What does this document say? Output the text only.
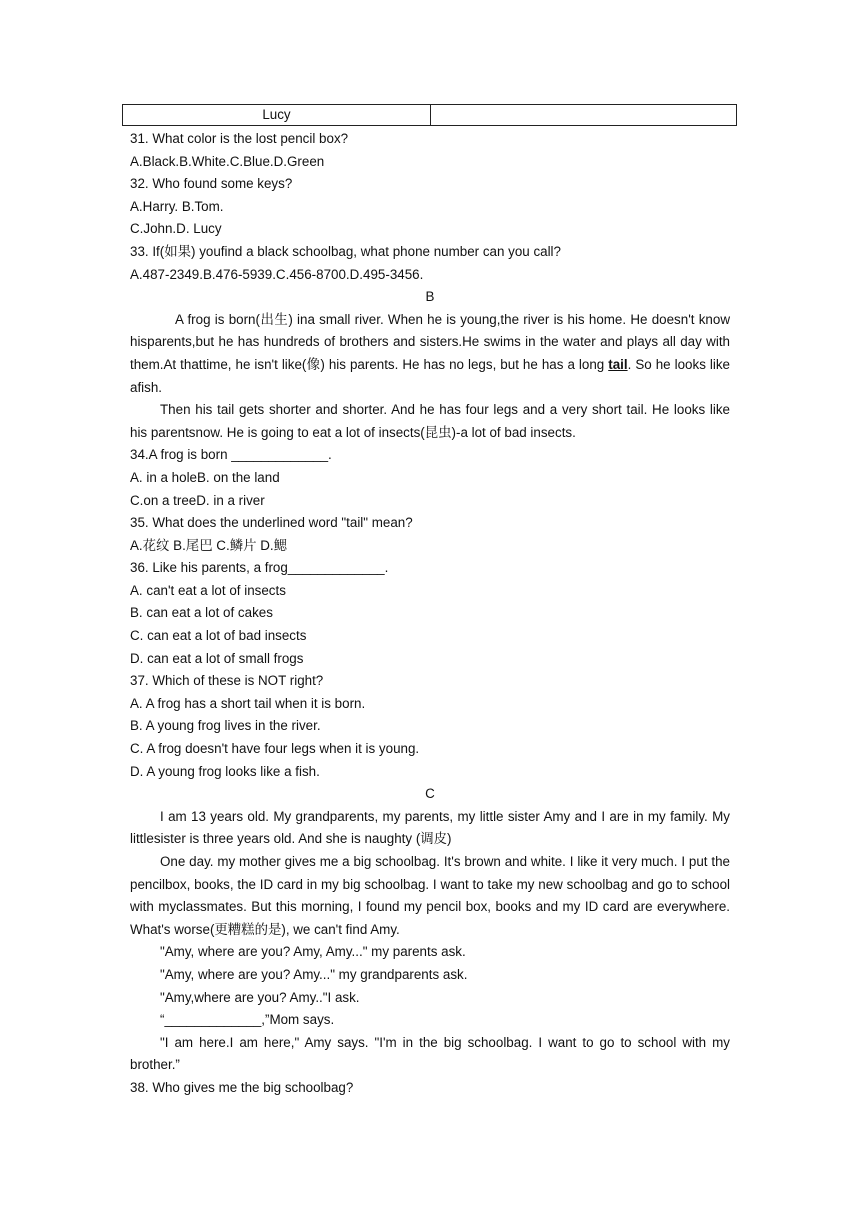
Lucy
31. What color is the lost pencil box?
A.Black.B.White.C.Blue.D.Green
32. Who found some keys?
A.Harry. B.Tom.
C.John.D. Lucy
33. If(如果) youfind a black schoolbag, what phone number can you call?
A.487-2349.B.476-5939.C.456-8700.D.495-3456.
B

A frog is born(出生) ina small river. When he is young,the river is his home. He doesn't know hisparents,but he has hundreds of brothers and sisters.He swims in the water and plays all day with them.At thattime, he isn't like(像) his parents. He has no legs, but he has a long tail. So he looks like afish.

Then his tail gets shorter and shorter. And he has four legs and a very short tail. He looks like his parentsnow. He is going to eat a lot of insects(昆虫)-a lot of bad insects.

34.A frog is born _____________.
A. in a holeB. on the land
C.on a treeD. in a river
35. What does the underlined word "tail" mean?
A.花纹 B.尾巴 C.鳞片 D.鳃
36. Like his parents, a frog_____________.
A. can't eat a lot of insects
B. can eat a lot of cakes
C. can eat a lot of bad insects
D. can eat a lot of small frogs
37. Which of these is NOT right?
A. A frog has a short tail when it is born.
B. A young frog lives in the river.
C. A frog doesn't have four legs when it is young.
D. A young frog looks like a fish.
C

I am 13 years old. My grandparents, my parents, my little sister Amy and I are in my family. My littlesister is three years old. And she is naughty (调皮)

One day. my mother gives me a big schoolbag. It's brown and white. I like it very much. I put the pencilbox, books, the ID card in my big schoolbag. I want to take my new schoolbag and go to school with myclassmates. But this morning, I found my pencil box, books and my ID card are everywhere. What's worse(更糟糕的是), we can't find Amy.

"Amy, where are you? Amy, Amy..." my parents ask.

"Amy, where are you? Amy..." my grandparents ask.

"Amy,where are you? Amy.."I ask.

“_____________,”Mom says.

"I am here.I am here," Amy says. "I'm in the big schoolbag. I want to go to school with my brother.”

38. Who gives me the big schoolbag?
